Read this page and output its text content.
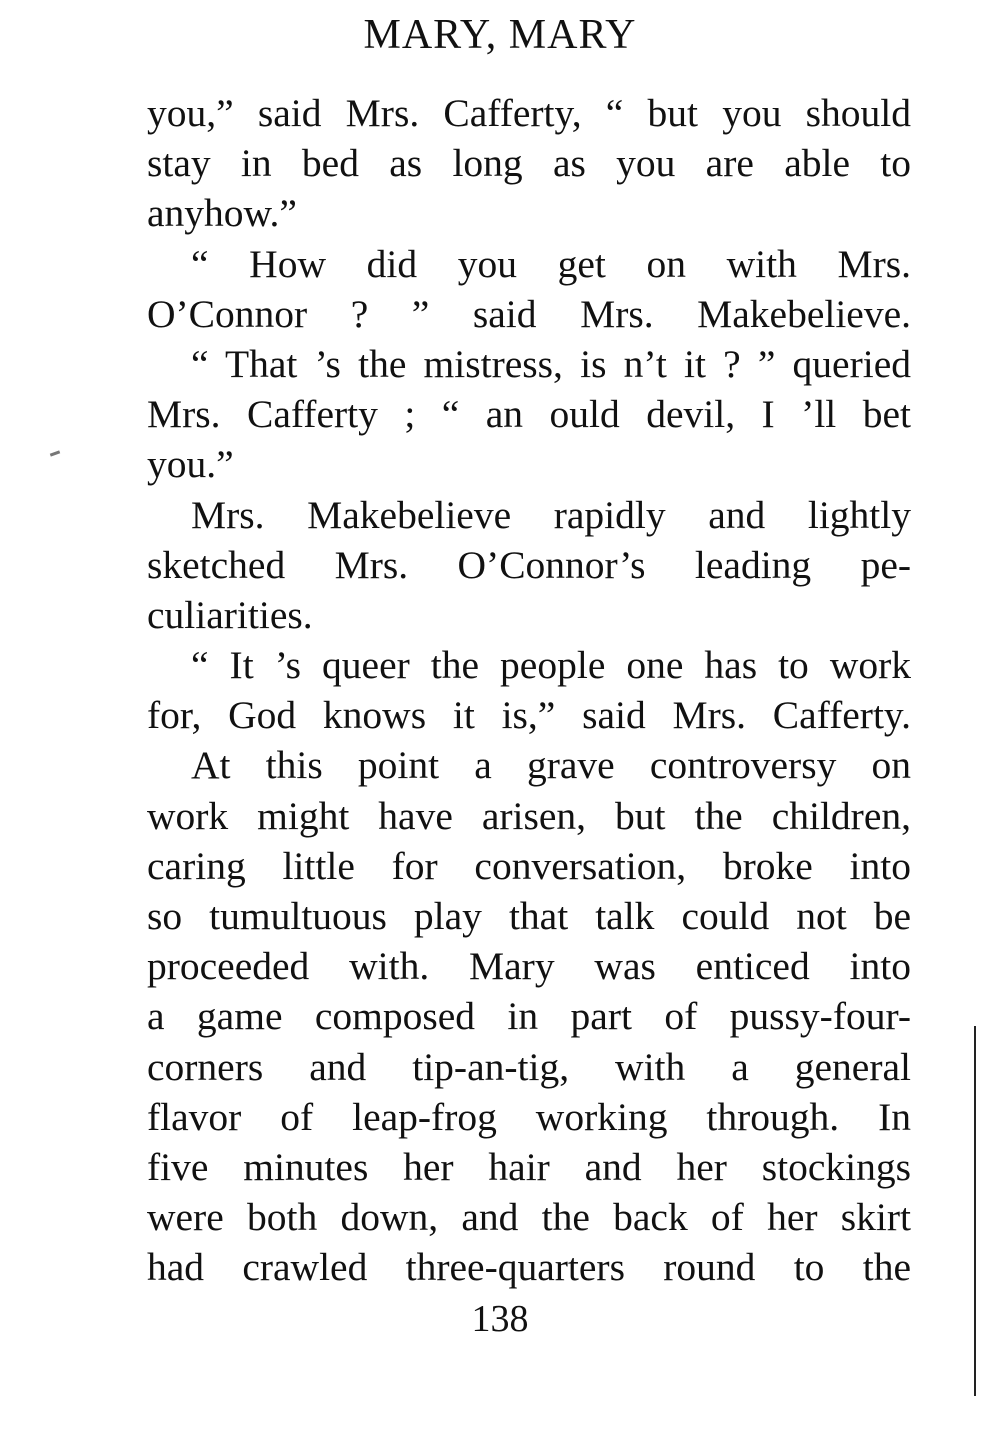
MARY, MARY
you,” said Mrs. Cafferty, “ but you should
stay in bed as long as you are able to
anyhow.”
“ How did you get on with Mrs.
O’Connor ? ” said Mrs. Makebelieve.
“ That ’s the mistress, is n’t it ? ” queried
Mrs. Cafferty ; “ an ould devil, I ’ll bet
you.”
Mrs. Makebelieve rapidly and lightly
sketched Mrs. O’Connor’s leading pe-
culiarities.
“ It ’s queer the people one has to work
for, God knows it is,” said Mrs. Cafferty.
At this point a grave controversy on
work might have arisen, but the children,
caring little for conversation, broke into
so tumultuous play that talk could not be
proceeded with. Mary was enticed into
a game composed in part of pussy-four-
corners and tip-an-tig, with a general
flavor of leap-frog working through. In
five minutes her hair and her stockings
were both down, and the back of her skirt
had crawled three-quarters round to the
138
